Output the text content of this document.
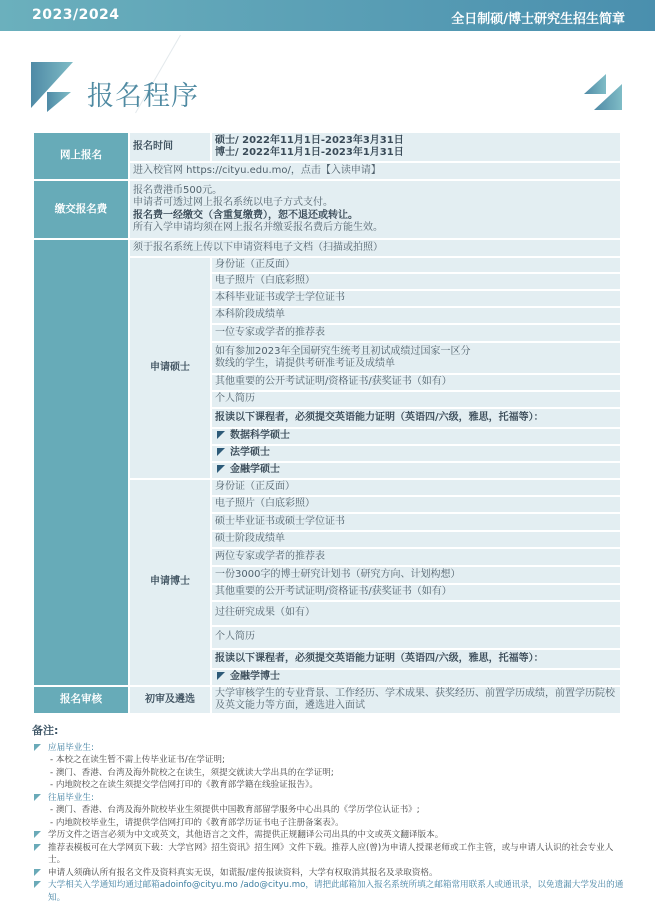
2023/2024	全日制硕/博士研究生招生简章
报名程序
网上报名	报名时间	硕士/ 2022年11月1日-2023年3月31日
博士/ 2022年11月1日-2023年1月31日

	进入校官网 https://cityu.edu.mo/，点击【入读申请】	
缴交报名费	报名费港币500元。
申请者可透过网上报名系统以电子方式支付。
报名费一经缴交（含重复缴费），恕不退还或转让。
所有入学申请均须在网上报名并缴妥报名费后方能生效。	

	须于报名系统上传以下申请资料电子文档（扫描或拍照）	
	申请硕士	身份证（正反面）
		电子照片（白底彩照）
		本科毕业证书或学士学位证书
		本科阶段成绩单
		一位专家或学者的推荐表
		如有参加2023年全国研究生统考且初试成绩过国家一区分
数线的学生，请提供考研准考证及成绩单
		其他重要的公开考试证明/资格证书/获奖证书（如有）
		个人简历
		报读以下课程者，必须提交英语能力证明（英语四/六级，雅思，托福等）：
		数据科学硕士
		法学硕士
		金融学硕士
	申请博士	身份证（正反面）
		电子照片（白底彩照）
		硕士毕业证书或硕士学位证书
		硕士阶段成绩单
		两位专家或学者的推荐表
		一份3000字的博士研究计划书（研究方向、计划构想）
		其他重要的公开考试证明/资格证书/获奖证书（如有）
		过往研究成果（如有）
		个人简历
		报读以下课程者，必须提交英语能力证明（英语四/六级，雅思，托福等）：
		金融学博士
报名审核	初审及遴选	大学审核学生的专业背景、工作经历、学术成果、获奖经历、前置学历成绩，前置学历院校及英文能力等方面，遴选进入面试
备注:
应届毕业生:
- 本校之在读生暂不需上传毕业证书/在学证明;
- 澳门、香港、台湾及海外院校之在读生，须提交就读大学出具的在学证明;
- 内地院校之在读生须提交学信网打印的《教育部学籍在线验证报告》。
往届毕业生:
- 澳门、香港、台湾及海外院校毕业生须提供中国教育部留学服务中心出具的《学历学位认证书》;
- 内地院校毕业生，请提供学信网打印的《教育部学历证书电子注册备案表》。
学历文件之语言必须为中文或英文，其他语言之文件，需提供正规翻译公司出具的中文或英文翻译版本。
推荐表模板可在大学网页下载：大学官网》招生资讯》招生网》文件下载。推荐人应(曾)为申请人授课老师或工作主管，或与申请人认识的社会专业人士。
申请人须确认所有报名文件及资料真实无误，如谎报/虚传报读资料，大学有权取消其报名及录取资格。
大学相关入学通知均通过邮箱adoinfo@cityu.mo /ado@cityu.mo，请把此邮箱加入报名系统所填之邮箱常用联系人或通讯录，以免遗漏大学发出的通知。
